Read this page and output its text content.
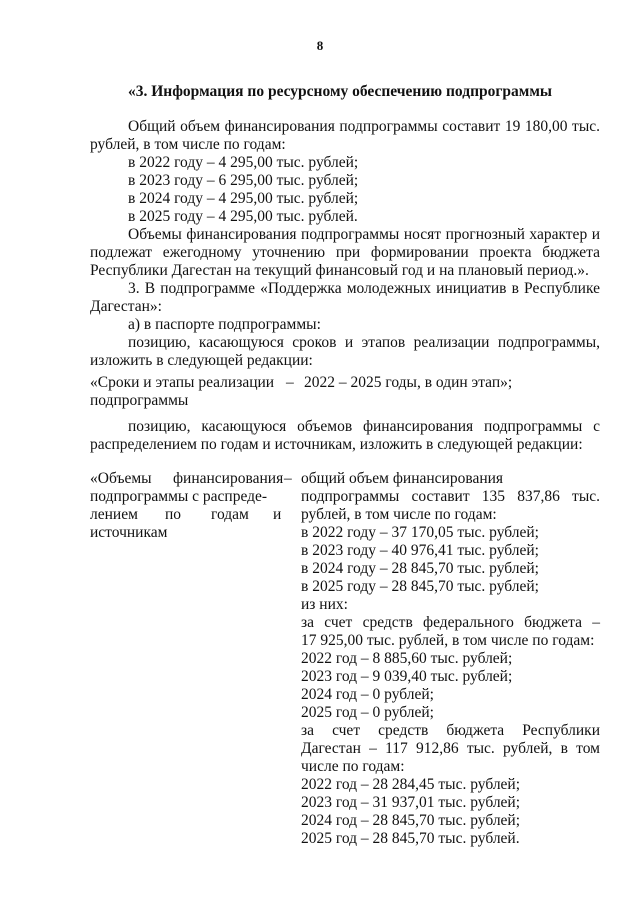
8
«3. Информация по ресурсному обеспечению подпрограммы
Общий объем финансирования подпрограммы составит 19 180,00 тыс.
рублей, в том числе по годам:
в 2022 году – 4 295,00 тыс. рублей;
в 2023 году – 6 295,00 тыс. рублей;
в 2024 году – 4 295,00 тыс. рублей;
в 2025 году – 4 295,00 тыс. рублей.
Объемы финансирования подпрограммы носят прогнозный характер и
подлежат ежегодному уточнению при формировании проекта бюджета
Республики Дагестан на текущий финансовый год и на плановый период.».
3. В подпрограмме «Поддержка молодежных инициатив в Республике
Дагестан»:
а) в паспорте подпрограммы:
позицию, касающуюся сроков и этапов реализации подпрограммы,
изложить в следующей редакции:
«Сроки и этапы реализации – 2022 – 2025 годы, в один этап»;
подпрограммы
позицию, касающуюся объемов финансирования подпрограммы с
распределением по годам и источникам, изложить в следующей редакции:
«Объемы финансирования –
подпрограммы с распреде-
лением по годам и
источникам
общий объем финансирования
подпрограммы составит 135 837,86 тыс.
рублей, в том числе по годам:
в 2022 году – 37 170,05 тыс. рублей;
в 2023 году – 40 976,41 тыс. рублей;
в 2024 году – 28 845,70 тыс. рублей;
в 2025 году – 28 845,70 тыс. рублей;
из них:
за счет средств федерального бюджета –
17 925,00 тыс. рублей, в том числе по годам:
2022 год – 8 885,60 тыс. рублей;
2023 год – 9 039,40 тыс. рублей;
2024 год – 0 рублей;
2025 год – 0 рублей;
за счет средств бюджета Республики
Дагестан – 117 912,86 тыс. рублей, в том
числе по годам:
2022 год – 28 284,45 тыс. рублей;
2023 год – 31 937,01 тыс. рублей;
2024 год – 28 845,70 тыс. рублей;
2025 год – 28 845,70 тыс. рублей.
